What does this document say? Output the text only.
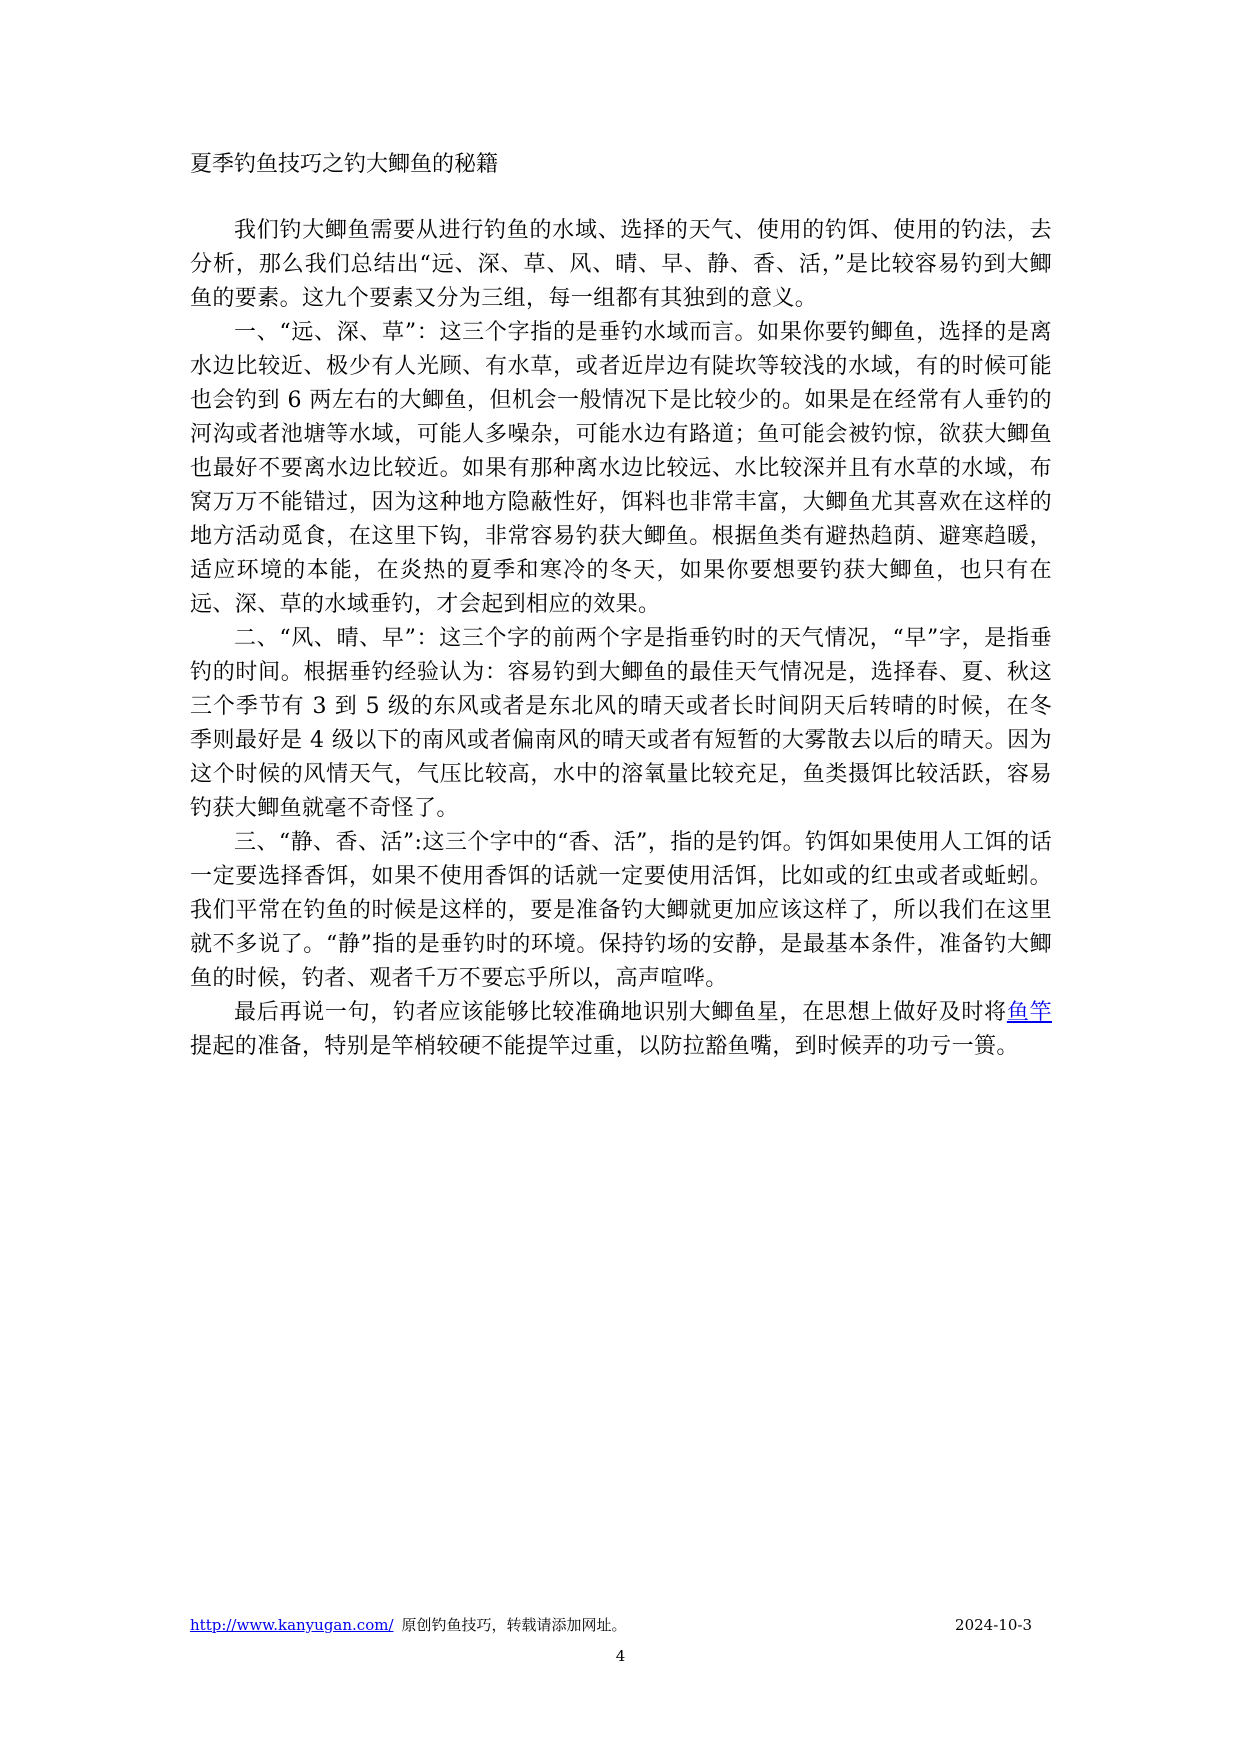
夏季钓鱼技巧之钓大鲫鱼的秘籍

我们钓大鲫鱼需要从进行钓鱼的水域、选择的天气、使用的钓饵、使用的钓法，去分析，那么我们总结出“远、深、草、风、晴、早、静、香、活，”是比较容易钓到大鲫鱼的要素。这九个要素又分为三组，每一组都有其独到的意义。

一、“远、深、草”：这三个字指的是垂钓水域而言。如果你要钓鲫鱼，选择的是离水边比较近、极少有人光顾、有水草，或者近岸边有陡坎等较浅的水域，有的时候可能也会钓到 6 两左右的大鲫鱼，但机会一般情况下是比较少的。如果是在经常有人垂钓的河沟或者池塘等水域，可能人多噪杂，可能水边有路道；鱼可能会被钓惊，欲获大鲫鱼也最好不要离水边比较近。如果有那种离水边比较远、水比较深并且有水草的水域，布窝万万不能错过，因为这种地方隐蔽性好，饵料也非常丰富，大鲫鱼尤其喜欢在这样的地方活动觅食，在这里下钩，非常容易钓获大鲫鱼。根据鱼类有避热趋荫、避寒趋暖，适应环境的本能，在炎热的夏季和寒冷的冬天，如果你要想要钓获大鲫鱼，也只有在远、深、草的水域垂钓，才会起到相应的效果。

二、“风、晴、早”：这三个字的前两个字是指垂钓时的天气情况，“早”字，是指垂钓的时间。根据垂钓经验认为：容易钓到大鲫鱼的最佳天气情况是，选择春、夏、秋这三个季节有 3 到 5 级的东风或者是东北风的晴天或者长时间阴天后转晴的时候，在冬季则最好是 4 级以下的南风或者偏南风的晴天或者有短暂的大雾散去以后的晴天。因为这个时候的风情天气，气压比较高，水中的溶氧量比较充足，鱼类摄饵比较活跃，容易钓获大鲫鱼就毫不奇怪了。

三、“静、香、活”:这三个字中的“香、活”，指的是钓饵。钓饵如果使用人工饵的话一定要选择香饵，如果不使用香饵的话就一定要使用活饵，比如或的红虫或者或蚯蚓。我们平常在钓鱼的时候是这样的，要是准备钓大鲫就更加应该这样了，所以我们在这里就不多说了。“静”指的是垂钓时的环境。保持钓场的安静，是最基本条件，准备钓大鲫鱼的时候，钓者、观者千万不要忘乎所以，高声喧哗。

最后再说一句，钓者应该能够比较准确地识别大鲫鱼星，在思想上做好及时将鱼竿提起的准备，特别是竿梢较硬不能提竿过重，以防拉豁鱼嘴，到时候弄的功亏一篑。

http://www.kanyugan.com/ 原创钓鱼技巧，转载请添加网址。	2024-10-3
4
